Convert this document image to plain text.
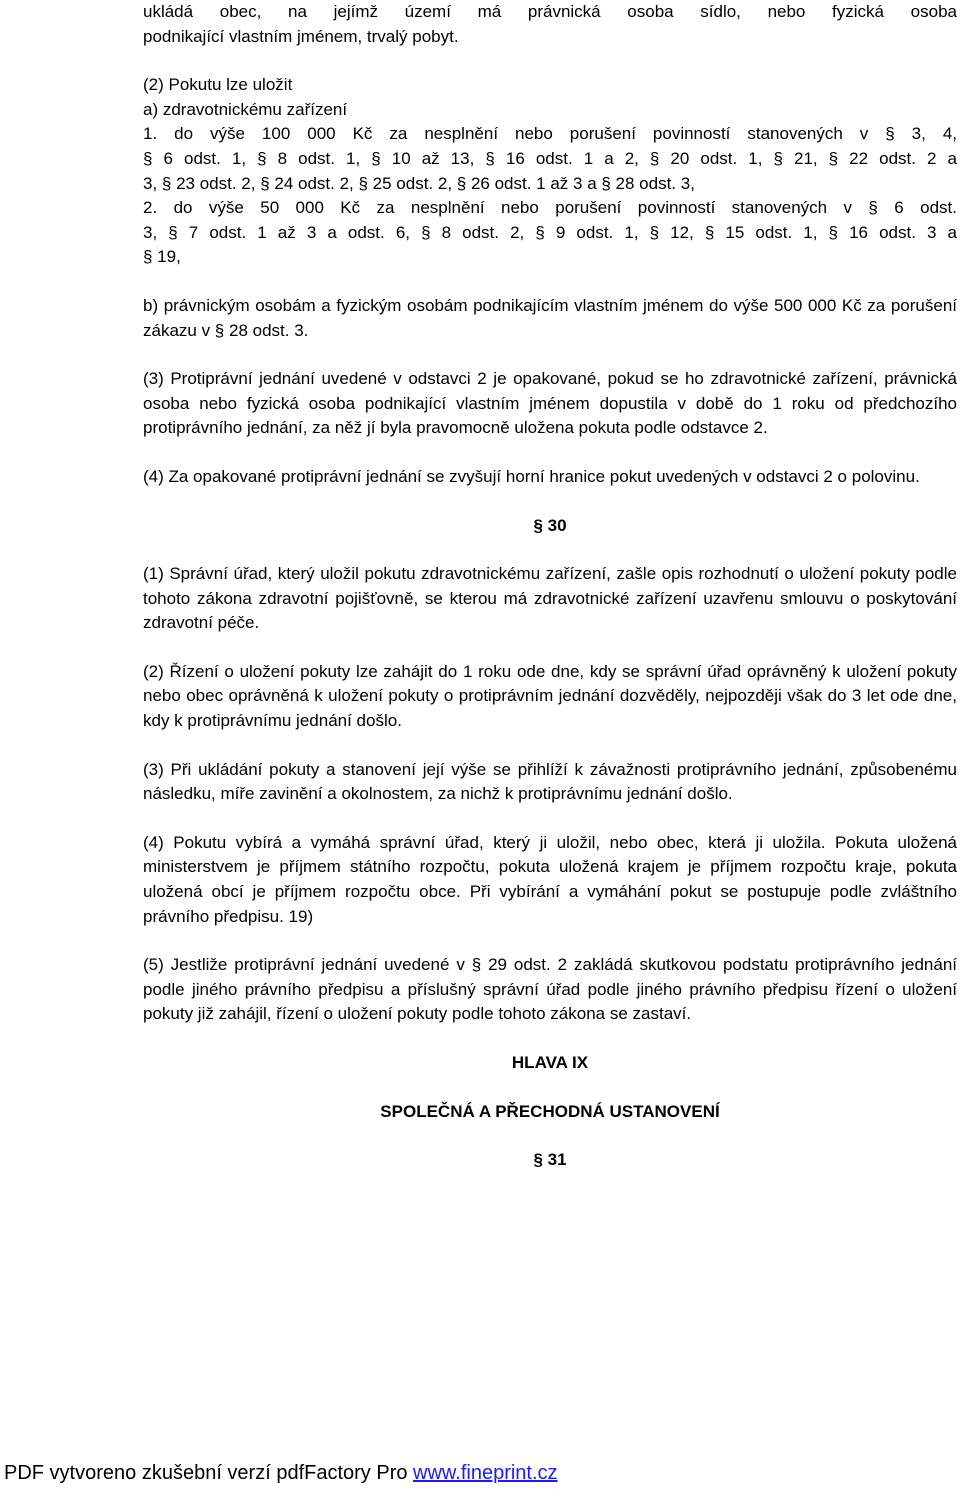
ukládá obec, na jejímž území má právnická osoba sídlo, nebo fyzická osoba

podnikající vlastním jménem, trvalý pobyt.

(2) Pokutu lze uložit

a) zdravotnickému zařízení

1. do výše 100 000 Kč za nesplnění nebo porušení povinností stanovených v § 3, 4,

§ 6 odst. 1, § 8 odst. 1, § 10 až 13, § 16 odst. 1 a 2, § 20 odst. 1, § 21, § 22 odst. 2 a

3, § 23 odst. 2, § 24 odst. 2, § 25 odst. 2, § 26 odst. 1 až 3 a § 28 odst. 3,

2. do výše 50 000 Kč za nesplnění nebo porušení povinností stanovených v § 6 odst.

3, § 7 odst. 1 až 3 a odst. 6, § 8 odst. 2, § 9 odst. 1, § 12, § 15 odst. 1, § 16 odst. 3 a

§ 19,

b) právnickým osobám a fyzickým osobám podnikajícím vlastním jménem do výše 500 000 Kč za porušení zákazu v § 28 odst. 3.

(3) Protiprávní jednání uvedené v odstavci 2 je opakované, pokud se ho zdravotnické zařízení, právnická osoba nebo fyzická osoba podnikající vlastním jménem dopustila v době do 1 roku od předchozího protiprávního jednání, za něž jí byla pravomocně uložena pokuta podle odstavce 2.

(4) Za opakované protiprávní jednání se zvyšují horní hranice pokut uvedených v odstavci 2 o polovinu.

§ 30

(1) Správní úřad, který uložil pokutu zdravotnickému zařízení, zašle opis rozhodnutí o uložení pokuty podle tohoto zákona zdravotní pojišťovně, se kterou má zdravotnické zařízení uzavřenu smlouvu o poskytování zdravotní péče.

(2) Řízení o uložení pokuty lze zahájit do 1 roku ode dne, kdy se správní úřad oprávněný k uložení pokuty nebo obec oprávněná k uložení pokuty o protiprávním jednání dozvěděly, nejpozději však do 3 let ode dne, kdy k protiprávnímu jednání došlo.

(3) Při ukládání pokuty a stanovení její výše se přihlíží k závažnosti protiprávního jednání, způsobenému následku, míře zavinění a okolnostem, za nichž k protiprávnímu jednání došlo.

(4) Pokutu vybírá a vymáhá správní úřad, který ji uložil, nebo obec, která ji uložila. Pokuta uložená ministerstvem je příjmem státního rozpočtu, pokuta uložená krajem je příjmem rozpočtu kraje, pokuta uložená obcí je příjmem rozpočtu obce. Při vybírání a vymáhání pokut se postupuje podle zvláštního právního předpisu. 19)

(5) Jestliže protiprávní jednání uvedené v § 29 odst. 2 zakládá skutkovou podstatu protiprávního jednání podle jiného právního předpisu a příslušný správní úřad podle jiného právního předpisu řízení o uložení pokuty již zahájil, řízení o uložení pokuty podle tohoto zákona se zastaví.

HLAVA IX

SPOLEČNÁ A PŘECHODNÁ USTANOVENÍ

§ 31

PDF vytvoreno zkušební verzí pdfFactory Pro www.fineprint.cz
